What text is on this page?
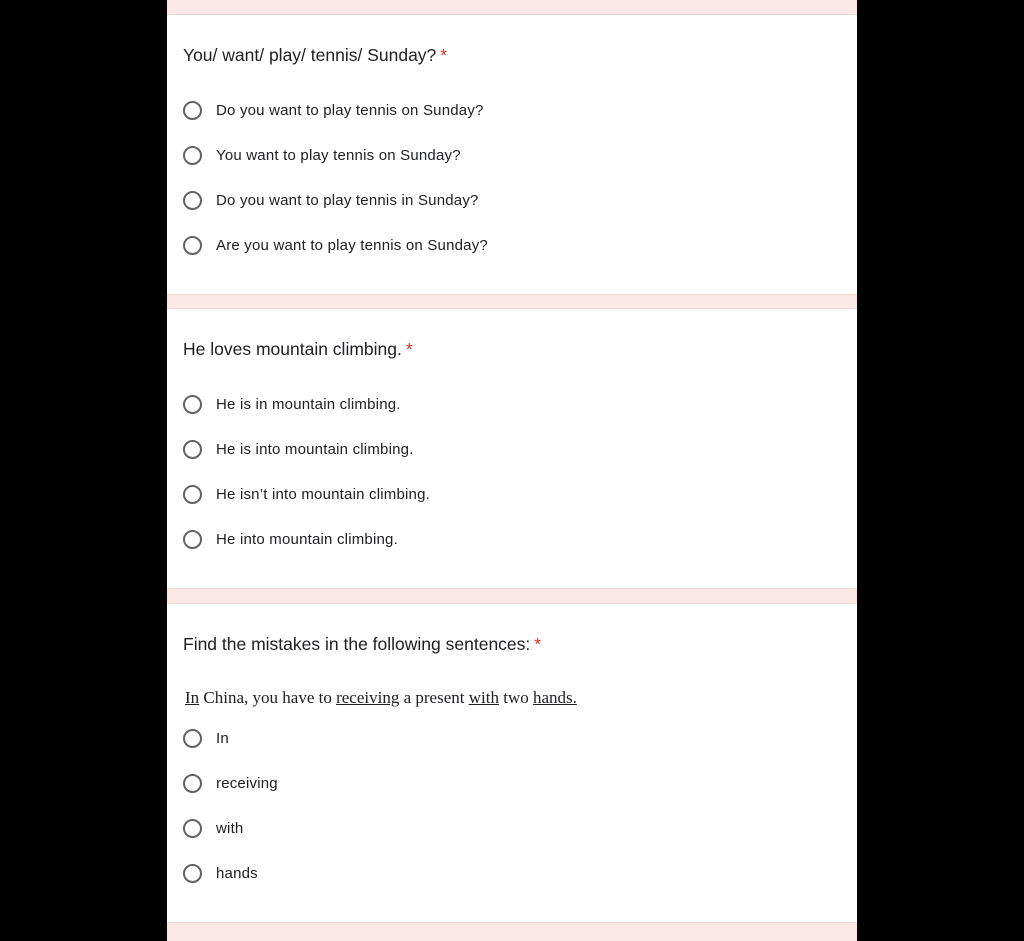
You/ want/ play/ tennis/ Sunday? *
Do you want to play tennis on Sunday?
You want to play tennis on Sunday?
Do you want to play tennis in Sunday?
Are you want to play tennis on Sunday?
He loves mountain climbing. *
He is in mountain climbing.
He is into mountain climbing.
He isn’t into mountain climbing.
He into mountain climbing.
Find the mistakes in the following sentences: *
In China, you have to receiving a present with two hands.
In
receiving
with
hands
